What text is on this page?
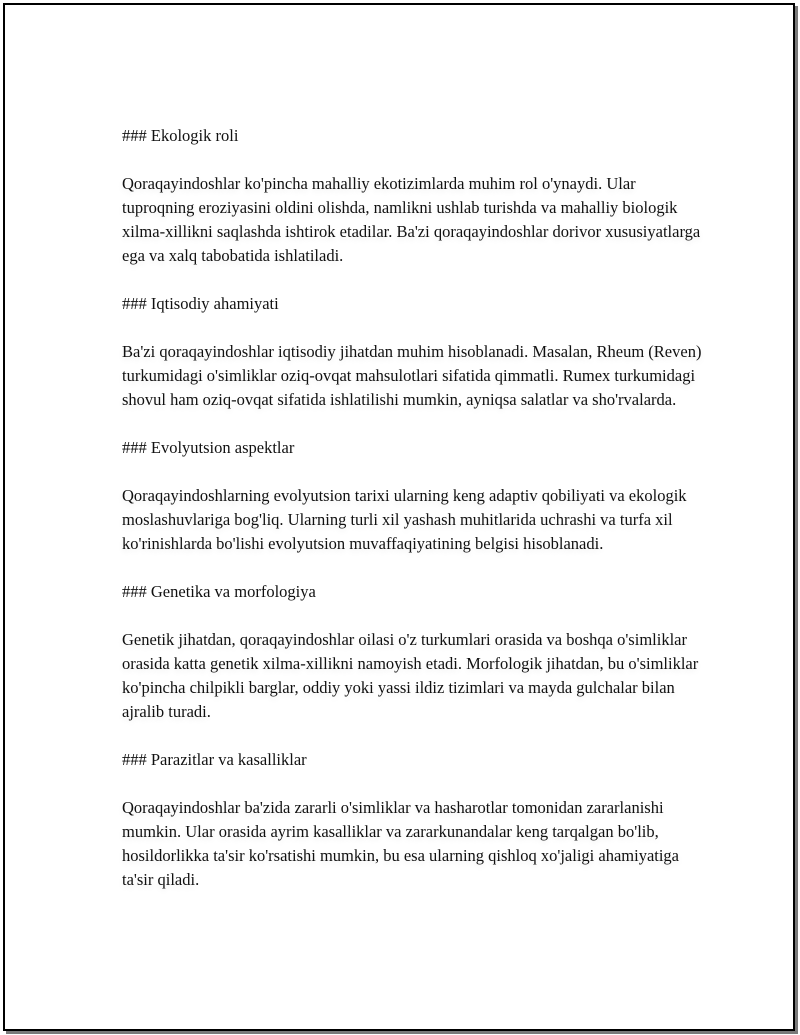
### Ekologik roli

Qoraqayindoshlar ko'pincha mahalliy ekotizimlarda muhim rol o'ynaydi. Ular tuproqning eroziyasini oldini olishda, namlikni ushlab turishda va mahalliy biologik xilma-xillikni saqlashda ishtirok etadilar. Ba'zi qoraqayindoshlar dorivor xususiyatlarga ega va xalq tabobatida ishlatiladi.

### Iqtisodiy ahamiyati

Ba'zi qoraqayindoshlar iqtisodiy jihatdan muhim hisoblanadi. Masalan, Rheum (Reven) turkumidagi o'simliklar oziq-ovqat mahsulotlari sifatida qimmatli. Rumex turkumidagi shovul ham oziq-ovqat sifatida ishlatilishi mumkin, ayniqsa salatlar va sho'rvalarda.

### Evolyutsion aspektlar

Qoraqayindoshlarning evolyutsion tarixi ularning keng adaptiv qobiliyati va ekologik moslashuvlariga bog'liq. Ularning turli xil yashash muhitlarida uchrashi va turfa xil ko'rinishlarda bo'lishi evolyutsion muvaffaqiyatining belgisi hisoblanadi.

### Genetika va morfologiya

Genetik jihatdan, qoraqayindoshlar oilasi o'z turkumlari orasida va boshqa o'simliklar orasida katta genetik xilma-xillikni namoyish etadi. Morfologik jihatdan, bu o'simliklar ko'pincha chilpikli barglar, oddiy yoki yassi ildiz tizimlari va mayda gulchalar bilan ajralib turadi.

### Parazitlar va kasalliklar

Qoraqayindoshlar ba'zida zararli o'simliklar va hasharotlar tomonidan zararlanishi mumkin. Ular orasida ayrim kasalliklar va zararkunandalar keng tarqalgan bo'lib, hosildorlikka ta'sir ko'rsatishi mumkin, bu esa ularning qishloq xo'jaligi ahamiyatiga ta'sir qiladi.
